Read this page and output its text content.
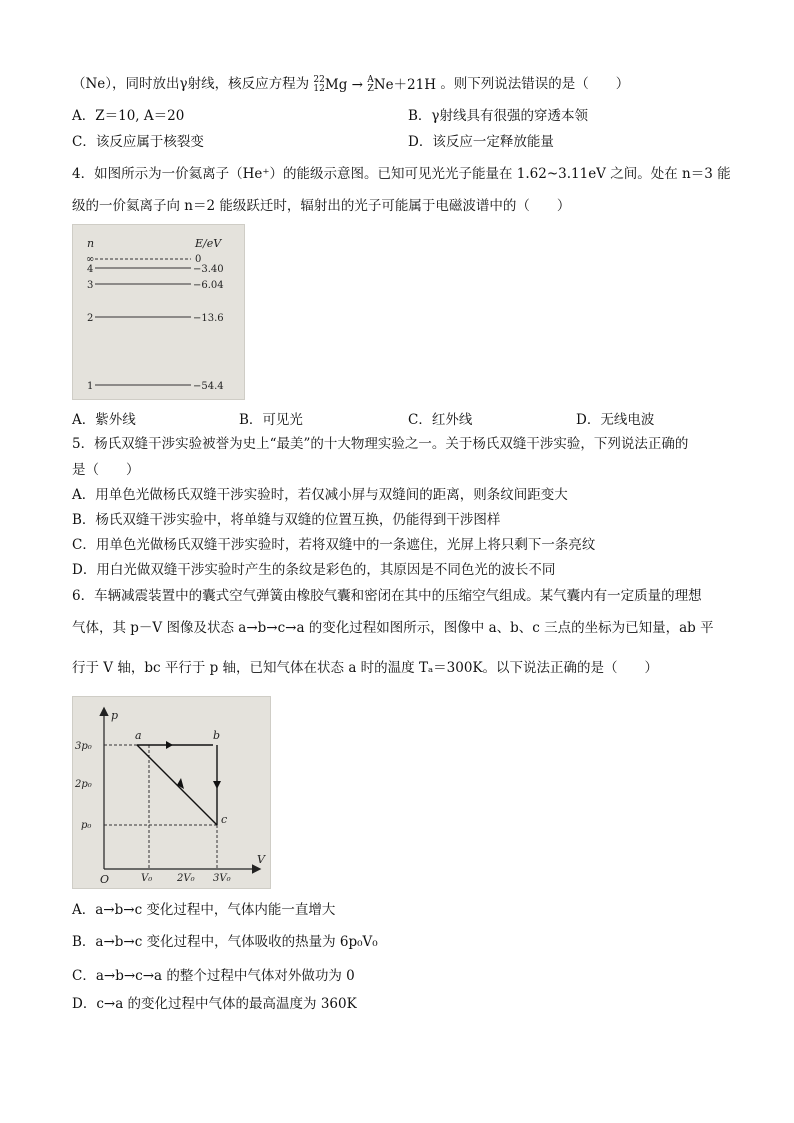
（Ne），同时放出γ射线，核反应方程为 22
12 Mg → A
Z Ne＋21H 。则下列说法错误的是（　　）
A．Z＝10, A＝20	B．γ射线具有很强的穿透本领
C．该反应属于核裂变	D．该反应一定释放能量
4．如图所示为一价氦离子（He⁺）的能级示意图。已知可见光光子能量在 1.62~3.11eV 之间。处在 n＝3 能
级的一价氦离子向 n＝2 能级跃迁时，辐射出的光子可能属于电磁波谱中的（　　）
n	E/eV
∞	0
4	−3.40
3	−6.04
2	−13.6
1	−54.4
A．紫外线	B．可见光	C．红外线	D．无线电波
5．杨氏双缝干涉实验被誉为史上“最美”的十大物理实验之一。关于杨氏双缝干涉实验，下列说法正确的
是（　　）
A．用单色光做杨氏双缝干涉实验时，若仅减小屏与双缝间的距离，则条纹间距变大
B．杨氏双缝干涉实验中，将单缝与双缝的位置互换，仍能得到干涉图样
C．用单色光做杨氏双缝干涉实验时，若将双缝中的一条遮住，光屏上将只剩下一条亮纹
D．用白光做双缝干涉实验时产生的条纹是彩色的，其原因是不同色光的波长不同
6．车辆减震装置中的囊式空气弹簧由橡胶气囊和密闭在其中的压缩空气组成。某气囊内有一定质量的理想
气体，其 p－V 图像及状态 a→b→c→a 的变化过程如图所示，图像中 a、b、c 三点的坐标为已知量，ab 平
行于 V 轴，bc 平行于 p 轴，已知气体在状态 a 时的温度 Tₐ＝300K。以下说法正确的是（　　）
p
V
O
3p₀
2p₀
p₀
V₀ 2V₀ 3V₀
a	b
c
A．a→b→c 变化过程中，气体内能一直增大
B．a→b→c 变化过程中，气体吸收的热量为 6p₀V₀
C．a→b→c→a 的整个过程中气体对外做功为 0
D．c→a 的变化过程中气体的最高温度为 360K
